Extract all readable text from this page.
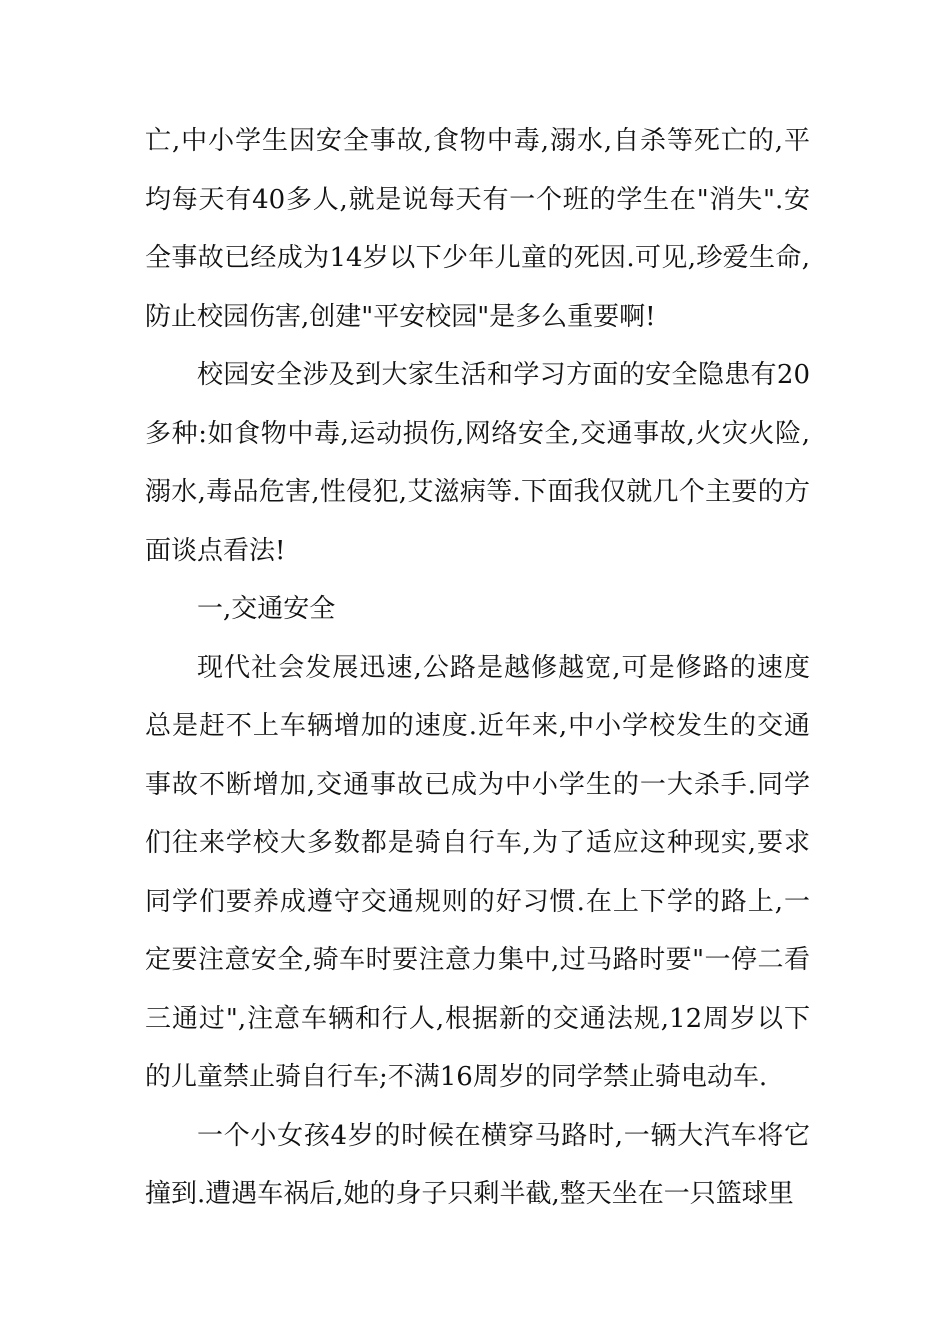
亡,中小学生因安全事故,食物中毒,溺水,自杀等死亡的,平均每天有40多人,就是说每天有一个班的学生在"消失".安全事故已经成为14岁以下少年儿童的死因.可见,珍爱生命,防止校园伤害,创建"平安校园"是多么重要啊!

校园安全涉及到大家生活和学习方面的安全隐患有20多种:如食物中毒,运动损伤,网络安全,交通事故,火灾火险,溺水,毒品危害,性侵犯,艾滋病等.下面我仅就几个主要的方面谈点看法!

一,交通安全

现代社会发展迅速,公路是越修越宽,可是修路的速度总是赶不上车辆增加的速度.近年来,中小学校发生的交通事故不断增加,交通事故已成为中小学生的一大杀手.同学们往来学校大多数都是骑自行车,为了适应这种现实,要求同学们要养成遵守交通规则的好习惯.在上下学的路上,一定要注意安全,骑车时要注意力集中,过马路时要"一停二看三通过",注意车辆和行人,根据新的交通法规,12周岁以下的儿童禁止骑自行车;不满16周岁的同学禁止骑电动车.

一个小女孩4岁的时候在横穿马路时,一辆大汽车将它撞到.遭遇车祸后,她的身子只剩半截,整天坐在一只篮球里
